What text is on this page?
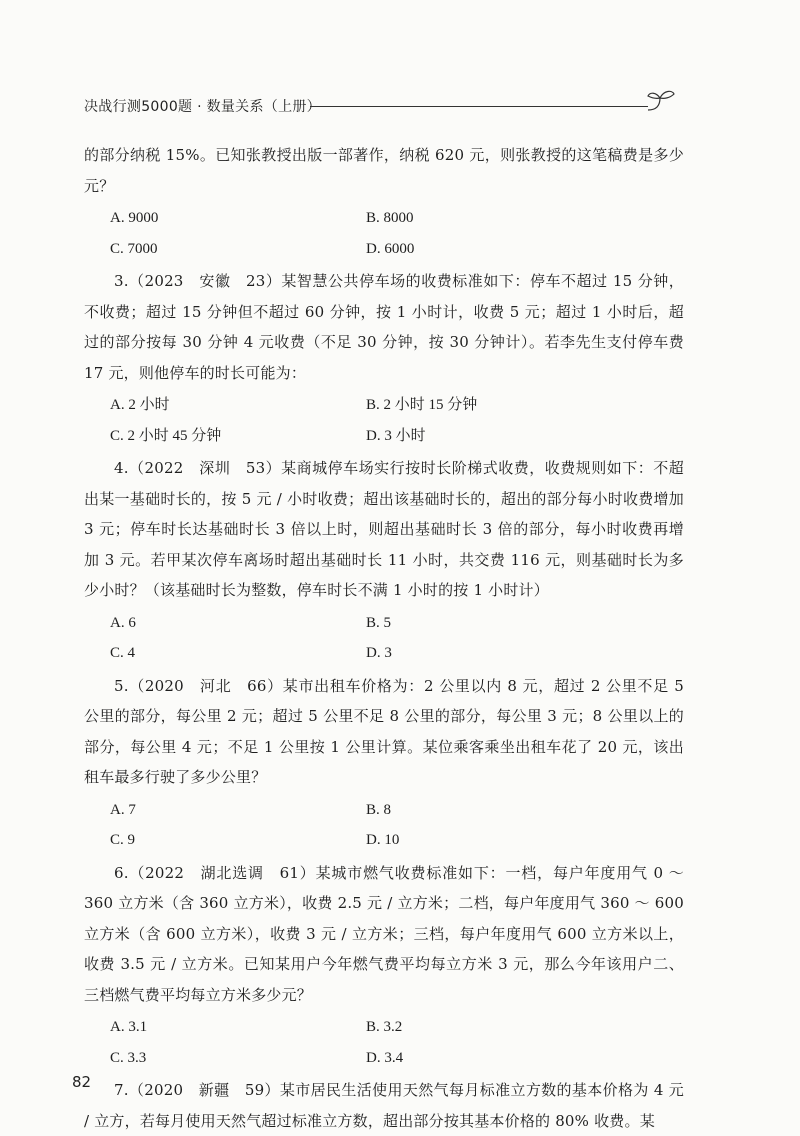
决战行测5000题 · 数量关系（上册）

的部分纳税 15%。已知张教授出版一部著作，纳税 620 元，则张教授的这笔稿费是多少元？

A. 9000	B. 8000
C. 7000	D. 6000

3.（2023　安徽　23）某智慧公共停车场的收费标准如下：停车不超过 15 分钟，不收费；超过 15 分钟但不超过 60 分钟，按 1 小时计，收费 5 元；超过 1 小时后，超过的部分按每 30 分钟 4 元收费（不足 30 分钟，按 30 分钟计）。若李先生支付停车费 17 元，则他停车的时长可能为：

A. 2 小时	B. 2 小时 15 分钟
C. 2 小时 45 分钟	D. 3 小时

4.（2022　深圳　53）某商城停车场实行按时长阶梯式收费，收费规则如下：不超出某一基础时长的，按 5 元 / 小时收费；超出该基础时长的，超出的部分每小时收费增加 3 元；停车时长达基础时长 3 倍以上时，则超出基础时长 3 倍的部分，每小时收费再增加 3 元。若甲某次停车离场时超出基础时长 11 小时，共交费 116 元，则基础时长为多少小时？（该基础时长为整数，停车时长不满 1 小时的按 1 小时计）

A. 6	B. 5
C. 4	D. 3

5.（2020　河北　66）某市出租车价格为：2 公里以内 8 元，超过 2 公里不足 5 公里的部分，每公里 2 元；超过 5 公里不足 8 公里的部分，每公里 3 元；8 公里以上的部分，每公里 4 元；不足 1 公里按 1 公里计算。某位乘客乘坐出租车花了 20 元，该出租车最多行驶了多少公里？

A. 7	B. 8
C. 9	D. 10

6.（2022　湖北选调　61）某城市燃气收费标准如下：一档，每户年度用气 0 ～ 360 立方米（含 360 立方米），收费 2.5 元 / 立方米；二档，每户年度用气 360 ～ 600 立方米（含 600 立方米），收费 3 元 / 立方米；三档，每户年度用气 600 立方米以上，收费 3.5 元 / 立方米。已知某用户今年燃气费平均每立方米 3 元，那么今年该用户二、三档燃气费平均每立方米多少元？

A. 3.1	B. 3.2
C. 3.3	D. 3.4

7.（2020　新疆　59）某市居民生活使用天然气每月标准立方数的基本价格为 4 元 / 立方，若每月使用天然气超过标准立方数，超出部分按其基本价格的 80% 收费。某

82
